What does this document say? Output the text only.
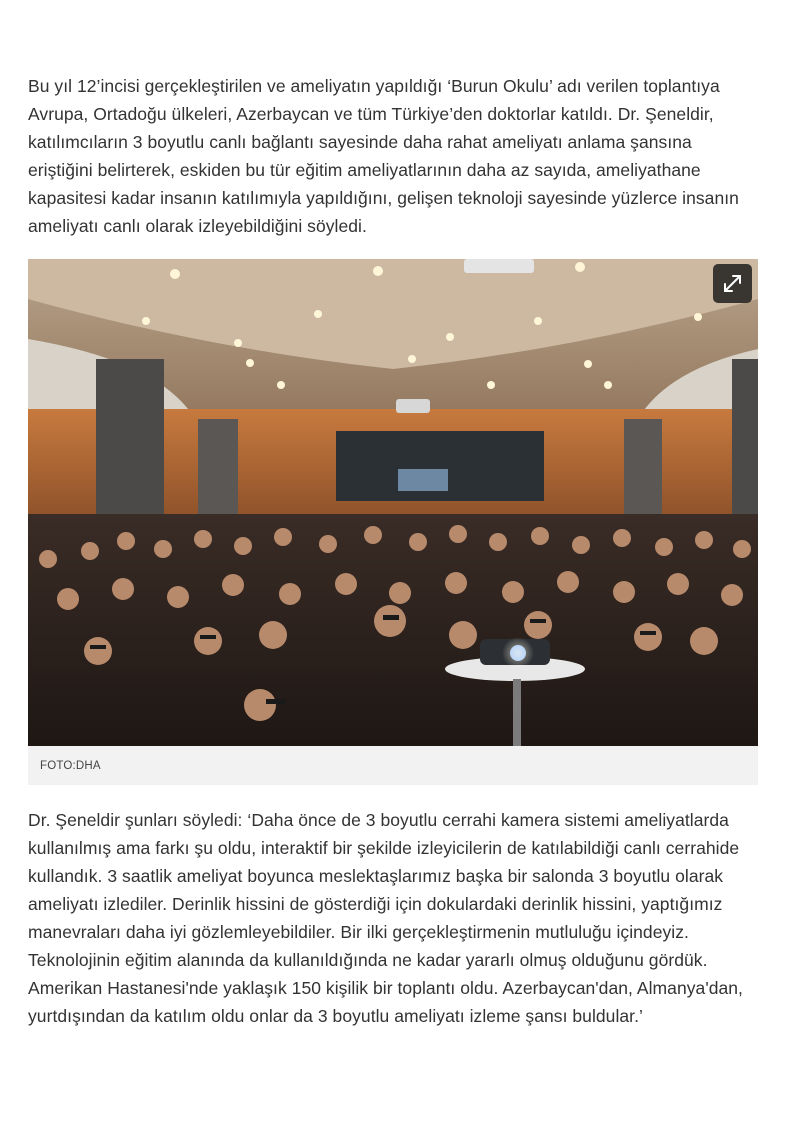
Bu yıl 12’incisi gerçekleştirilen ve ameliyatın yapıldığı ‘Burun Okulu’ adı verilen toplantıya Avrupa, Ortadoğu ülkeleri, Azerbaycan ve tüm Türkiye’den doktorlar katıldı. Dr. Şeneldir, katılımcıların 3 boyutlu canlı bağlantı sayesinde daha rahat ameliyatı anlama şansına eriştiğini belirterek, eskiden bu tür eğitim ameliyatlarının daha az sayıda, ameliyathane kapasitesi kadar insanın katılımıyla yapıldığını, gelişen teknoloji sayesinde yüzlerce insanın ameliyatı canlı olarak izleyebildiğini söyledi.

FOTO:DHA

Dr. Şeneldir şunları söyledi: ‘Daha önce de 3 boyutlu cerrahi kamera sistemi ameliyatlarda kullanılmış ama farkı şu oldu, interaktif bir şekilde izleyicilerin de katılabildiği canlı cerrahide kullandık. 3 saatlik ameliyat boyunca meslektaşlarımız başka bir salonda 3 boyutlu olarak ameliyatı izlediler. Derinlik hissini de gösterdiği için dokulardaki derinlik hissini, yaptığımız manevraları daha iyi gözlemleyebildiler. Bir ilki gerçekleştirmenin mutluluğu içindeyiz. Teknolojinin eğitim alanında da kullanıldığında ne kadar yararlı olmuş olduğunu gördük. Amerikan Hastanesi'nde yaklaşık 150 kişilik bir toplantı oldu. Azerbaycan'dan, Almanya'dan, yurtdışından da katılım oldu onlar da 3 boyutlu ameliyatı izleme şansı buldular.’
